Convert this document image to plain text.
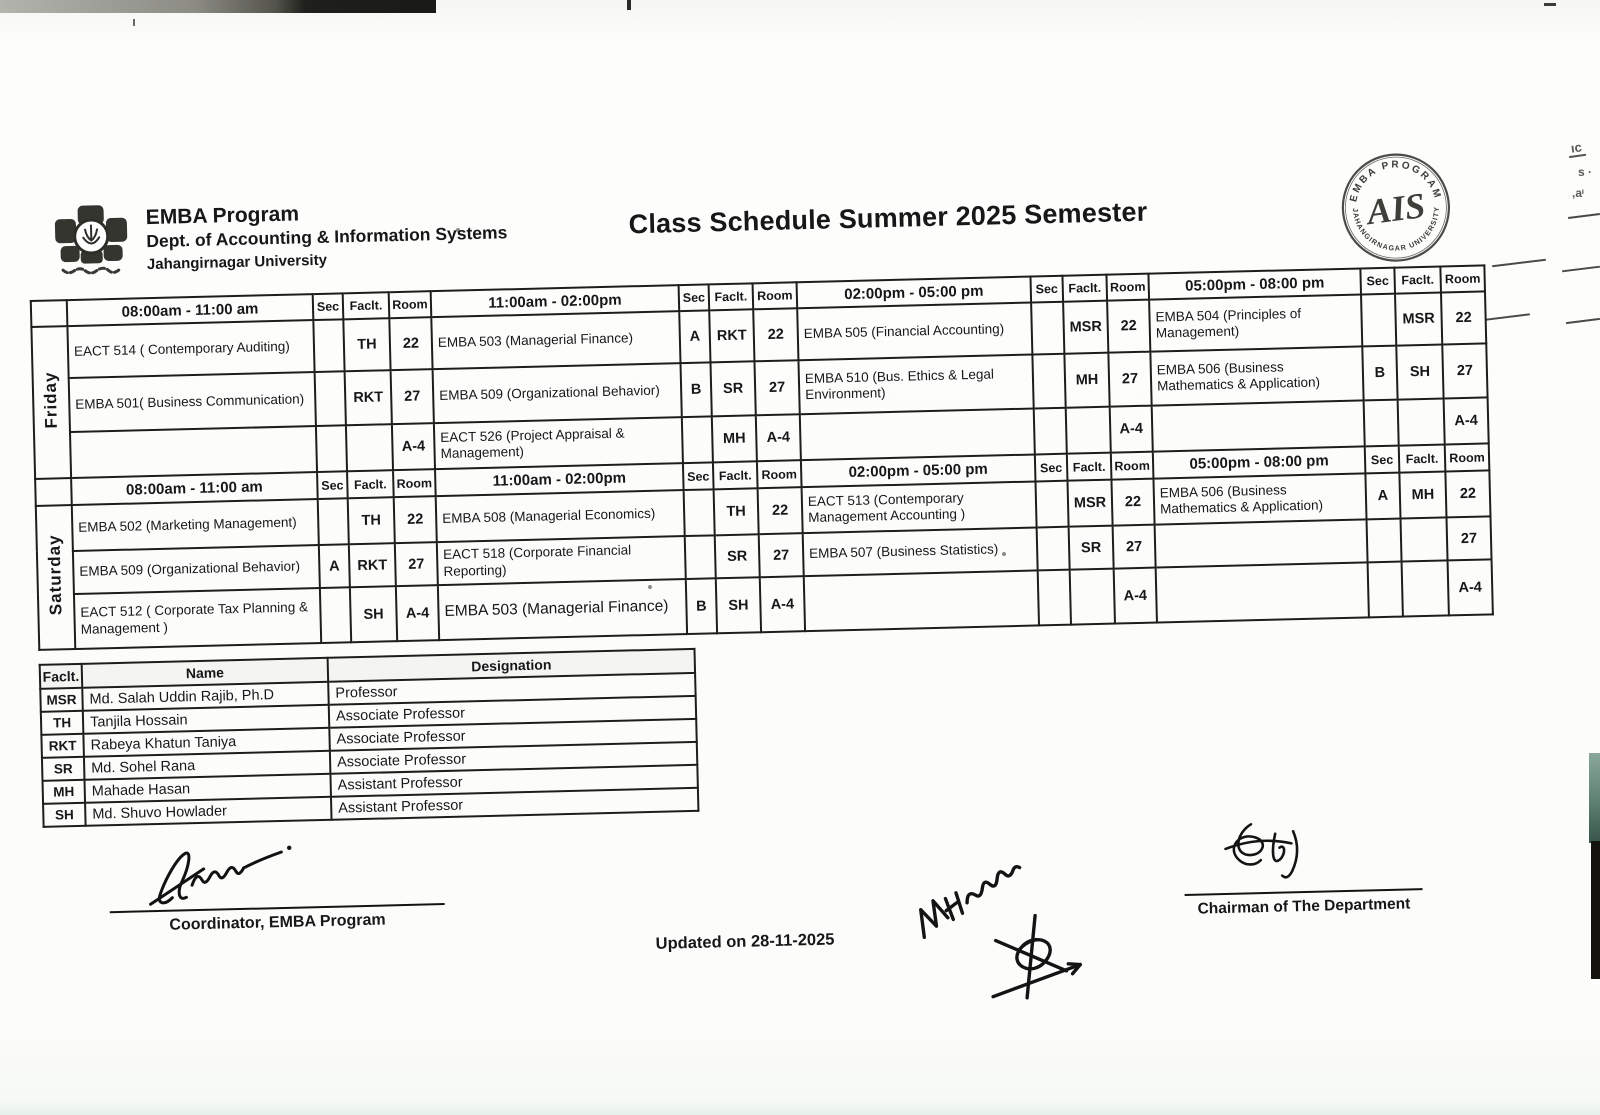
ıc
s ·
,aᶦ
EMBA Program
Dept. of Accounting & Information Systems
Jahangirnagar University
Class Schedule Summer 2025 Semester	EMBA PROGRAM
JAHANGIRNAGAR UNIVERSITY
AIS
	08:00am - 11:00 am	Sec	Faclt.	Room	11:00am - 02:00pm	Sec	Faclt.	Room	02:00pm - 05:00 pm	Sec	Faclt.	Room	05:00pm - 08:00 pm	Sec	Faclt.	Room
Friday	EACT 514 ( Contemporary Auditing)		TH	22	EMBA 503 (Managerial Finance)	A	RKT	22	EMBA 505 (Financial Accounting)		MSR	22	EMBA 504 (Principles of Management)		MSR	22
	EMBA 501( Business Communication)		RKT	27	EMBA 509 (Organizational Behavior)	B	SR	27	EMBA 510 (Bus. Ethics & Legal Environment)		MH	27	EMBA 506 (Business Mathematics & Application)	B	SH	27
				A-4	EACT 526 (Project Appraisal & Management)		MH	A-4				A-4				A-4
	08:00am - 11:00 am	Sec	Faclt.	Room	11:00am - 02:00pm	Sec	Faclt.	Room	02:00pm - 05:00 pm	Sec	Faclt.	Room	05:00pm - 08:00 pm	Sec	Faclt.	Room
Saturday	EMBA 502 (Marketing Management)		TH	22	EMBA 508 (Managerial Economics)		TH	22	EACT 513 (Contemporary Management Accounting )		MSR	22	EMBA 506 (Business Mathematics & Application)	A	MH	22
	EMBA 509 (Organizational Behavior)	A	RKT	27	EACT 518 (Corporate Financial Reporting)		SR	27	EMBA 507 (Business Statistics)		SR	27				27
	EACT 512 ( Corporate Tax Planning & Management )		SH	A-4	EMBA 503 (Managerial Finance)	B	SH	A-4				A-4				A-4
Faclt.	Name	Designation
MSR	Md. Salah Uddin Rajib, Ph.D	Professor
TH	Tanjila Hossain	Associate Professor
RKT	Rabeya Khatun Taniya	Associate Professor
SR	Md. Sohel Rana	Associate Professor
MH	Mahade Hasan	Assistant Professor
SH	Md. Shuvo Howlader	Assistant Professor
Coordinator, EMBA Program
Updated on 28-11-2025
Chairman of The Department
